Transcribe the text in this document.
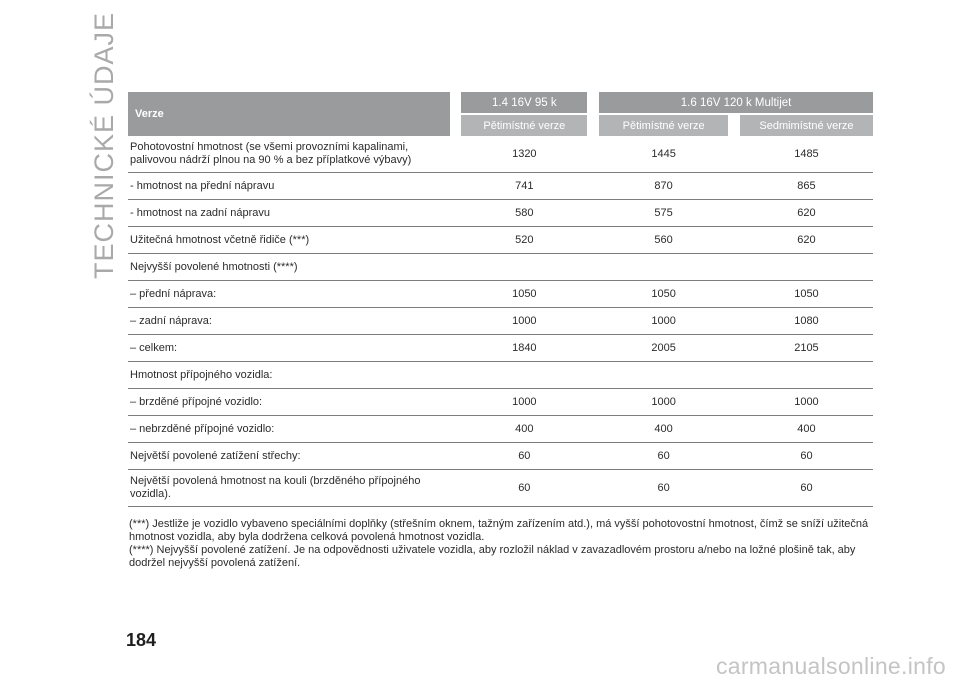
TECHNICKÉ ÚDAJE Verze		1.4 16V 95 k		1.6 16V 120 k Multijet		
		Pětimístné verze		Pětimístné verze		Sedmimístné verze
Pohotovostní hmotnost (se všemi provozními kapalinami, palivovou nádrží plnou na 90 % a bez příplatkové výbavy)		1320		1445		1485
- hmotnost na přední nápravu		741		870		865
- hmotnost na zadní nápravu		580		575		620
Užitečná hmotnost včetně řidiče (***)		520		560		620
Nejvyšší povolené hmotnosti (****)						
– přední náprava:		1050		1050		1050
– zadní náprava:		1000		1000		1080
– celkem:		1840		2005		2105
Hmotnost přípojného vozidla:						
– brzděné přípojné vozidlo:		1000		1000		1000
– nebrzděné přípojné vozidlo:		400		400		400
Největší povolené zatížení střechy:		60		60		60
Největší povolená hmotnost na kouli (brzděného přípojného vozidla).		60		60		60

(***) Jestliže je vozidlo vybaveno speciálními doplňky (střešním oknem, tažným zařízením atd.), má vyšší pohotovostní hmotnost, čímž se sníží užitečná hmotnost vozidla, aby byla dodržena celková povolená hmotnost vozidla.

(****) Nejvyšší povolené zatížení. Je na odpovědnosti uživatele vozidla, aby rozložil náklad v zavazadlovém prostoru a/nebo na ložné plošině tak, aby dodržel nejvyšší povolená zatížení.

184
carmanualsonline.info
